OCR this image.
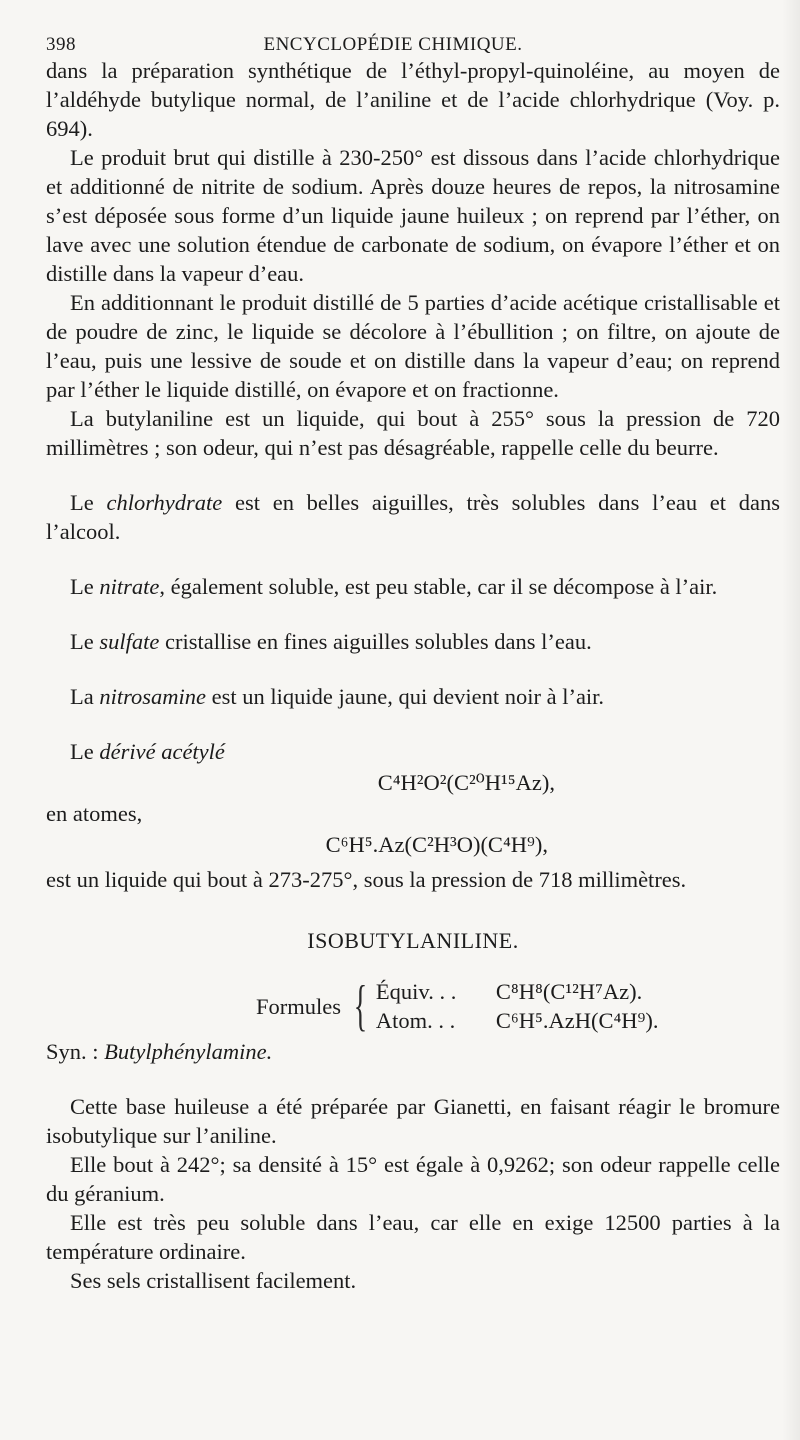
398	ENCYCLOPÉDIE CHIMIQUE.

dans la préparation synthétique de l’éthyl-propyl-quinoléine, au moyen de l’aldéhyde butylique normal, de l’aniline et de l’acide chlorhydrique (Voy. p. 694).

Le produit brut qui distille à 230-250° est dissous dans l’acide chlorhydrique et additionné de nitrite de sodium. Après douze heures de repos, la nitrosamine s’est déposée sous forme d’un liquide jaune huileux ; on reprend par l’éther, on lave avec une solution étendue de carbonate de sodium, on évapore l’éther et on distille dans la vapeur d’eau.

En additionnant le produit distillé de 5 parties d’acide acétique cristallisable et de poudre de zinc, le liquide se décolore à l’ébullition ; on filtre, on ajoute de l’eau, puis une lessive de soude et on distille dans la vapeur d’eau; on reprend par l’éther le liquide distillé, on évapore et on fractionne.

La butylaniline est un liquide, qui bout à 255° sous la pression de 720 millimètres ; son odeur, qui n’est pas désagréable, rappelle celle du beurre.

Le chlorhydrate est en belles aiguilles, très solubles dans l’eau et dans l’alcool.

Le nitrate, également soluble, est peu stable, car il se décompose à l’air.

Le sulfate cristallise en fines aiguilles solubles dans l’eau.

La nitrosamine est un liquide jaune, qui devient noir à l’air.

Le dérivé acétylé

C⁴H²O²(C²⁰H¹⁵Az),

en atomes,

C⁶H⁵.Az(C²H³O)(C⁴H⁹),

est un liquide qui bout à 273-275°, sous la pression de 718 millimètres.

ISOBUTYLANILINE.
Formules { Équiv. . .	C⁸H⁸(C¹²H⁷Az).
Atom. . .	C⁶H⁵.AzH(C⁴H⁹).

Syn. : Butylphénylamine.

Cette base huileuse a été préparée par Gianetti, en faisant réagir le bromure isobutylique sur l’aniline.

Elle bout à 242°; sa densité à 15° est égale à 0,9262; son odeur rappelle celle du géranium.

Elle est très peu soluble dans l’eau, car elle en exige 12500 parties à la température ordinaire.

Ses sels cristallisent facilement.
